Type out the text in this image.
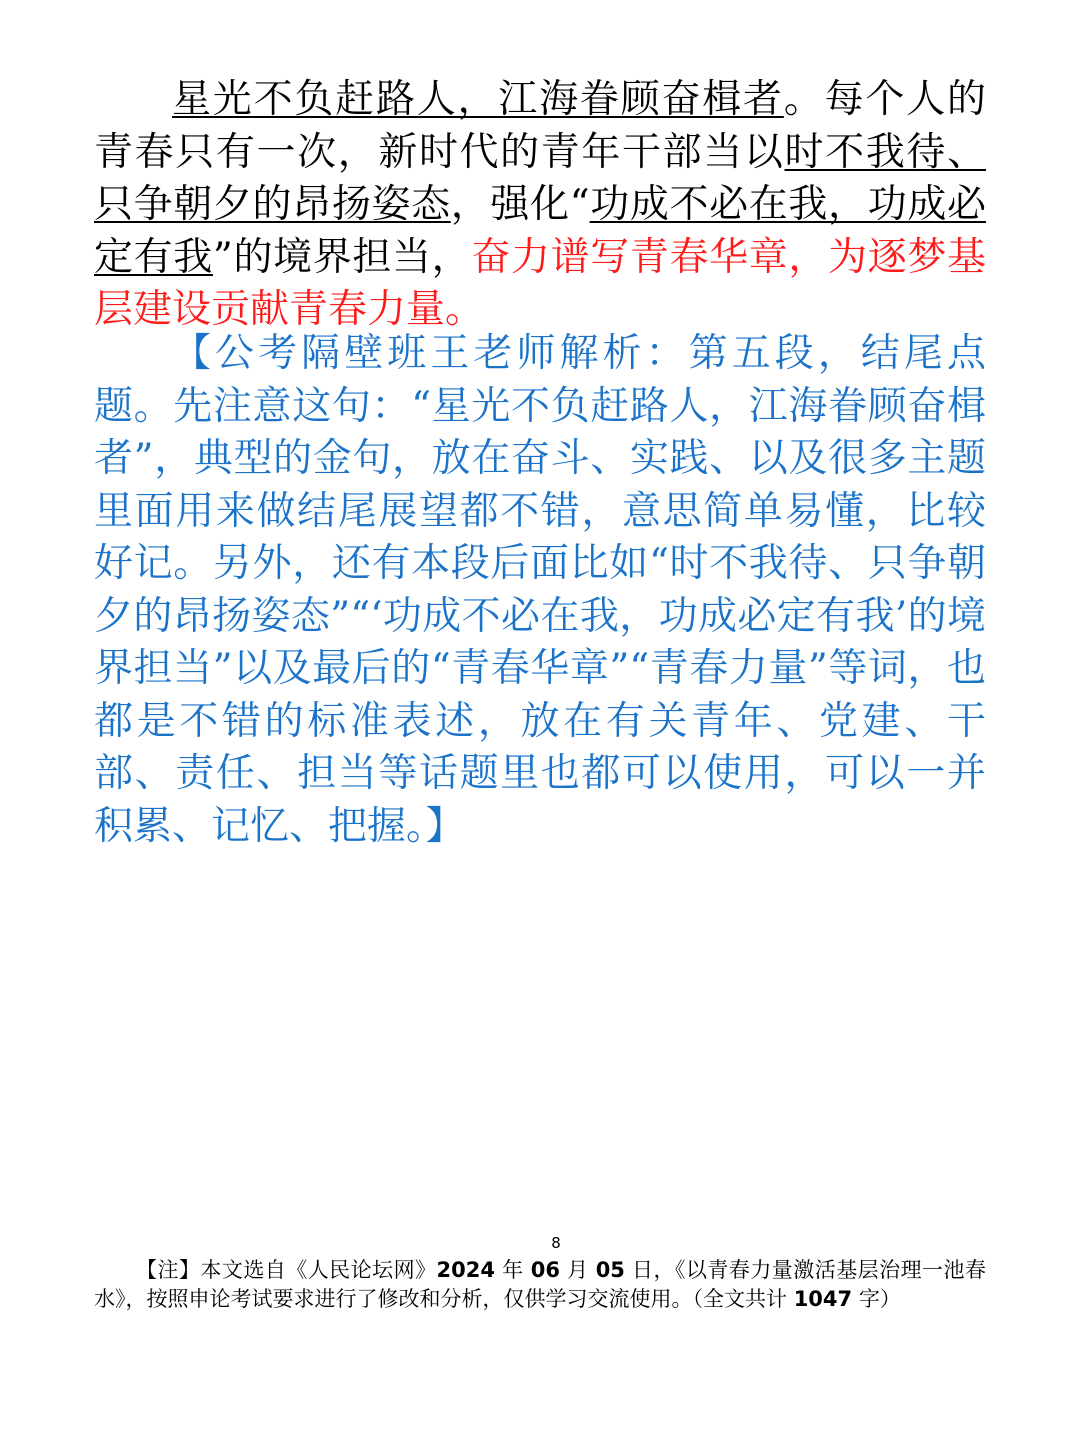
星光不负赶路人，江海眷顾奋楫者。每个人的青春只有一次，新时代的青年干部当以时不我待、只争朝夕的昂扬姿态，强化“功成不必在我，功成必定有我”的境界担当，奋力谱写青春华章，为逐梦基层建设贡献青春力量。

【公考隔壁班王老师解析：第五段，结尾点题。先注意这句：“星光不负赶路人，江海眷顾奋楫者”，典型的金句，放在奋斗、实践、以及很多主题里面用来做结尾展望都不错，意思简单易懂，比较好记。另外，还有本段后面比如“时不我待、只争朝夕的昂扬姿态”“‘功成不必在我，功成必定有我’的境界担当”以及最后的“青春华章”“青春力量”等词，也都是不错的标准表述，放在有关青年、党建、干部、责任、担当等话题里也都可以使用，可以一并积累、记忆、把握。】

8

【注】本文选自《人民论坛网》2024 年 06 月 05 日，《以青春力量激活基层治理一池春水》，按照申论考试要求进行了修改和分析，仅供学习交流使用。（全文共计 1047 字）
